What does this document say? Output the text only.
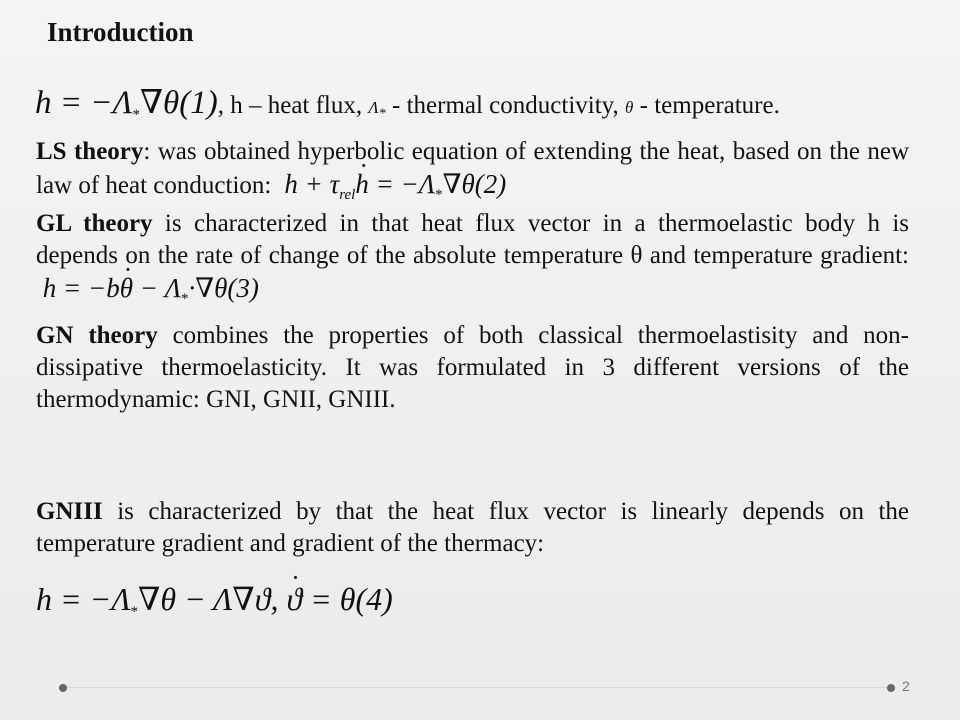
Introduction
$h = -\Lambda_*\nabla\theta(1)$, h – heat flux, $\Lambda_*$ - thermal conductivity, θ - temperature.
LS theory: was obtained hyperbolic equation of extending the heat, based on the new law of heat conduction: $h + \tau_{rel}h$ · = $-\Lambda_*\nabla\theta(2)$
GL theory is characterized in that heat flux vector in a thermoelastic body h is depends on the rate of change of the absolute temperature θ and temperature gradient:  h = −bθ · − $\Lambda_*\cdot\nabla\theta(3)$
GN theory combines the properties of both classical thermoelastisity and non-dissipative thermoelasticity. It was formulated in 3 different versions of the thermodynamic: GNI, GNII, GNIII.
GNIII is characterized by that the heat flux vector is linearly depends on the temperature gradient and gradient of the thermacy:
$h = -\Lambda_*\nabla\theta - \Lambda\nabla ϑ$, ϑ · = θ(4)
2
